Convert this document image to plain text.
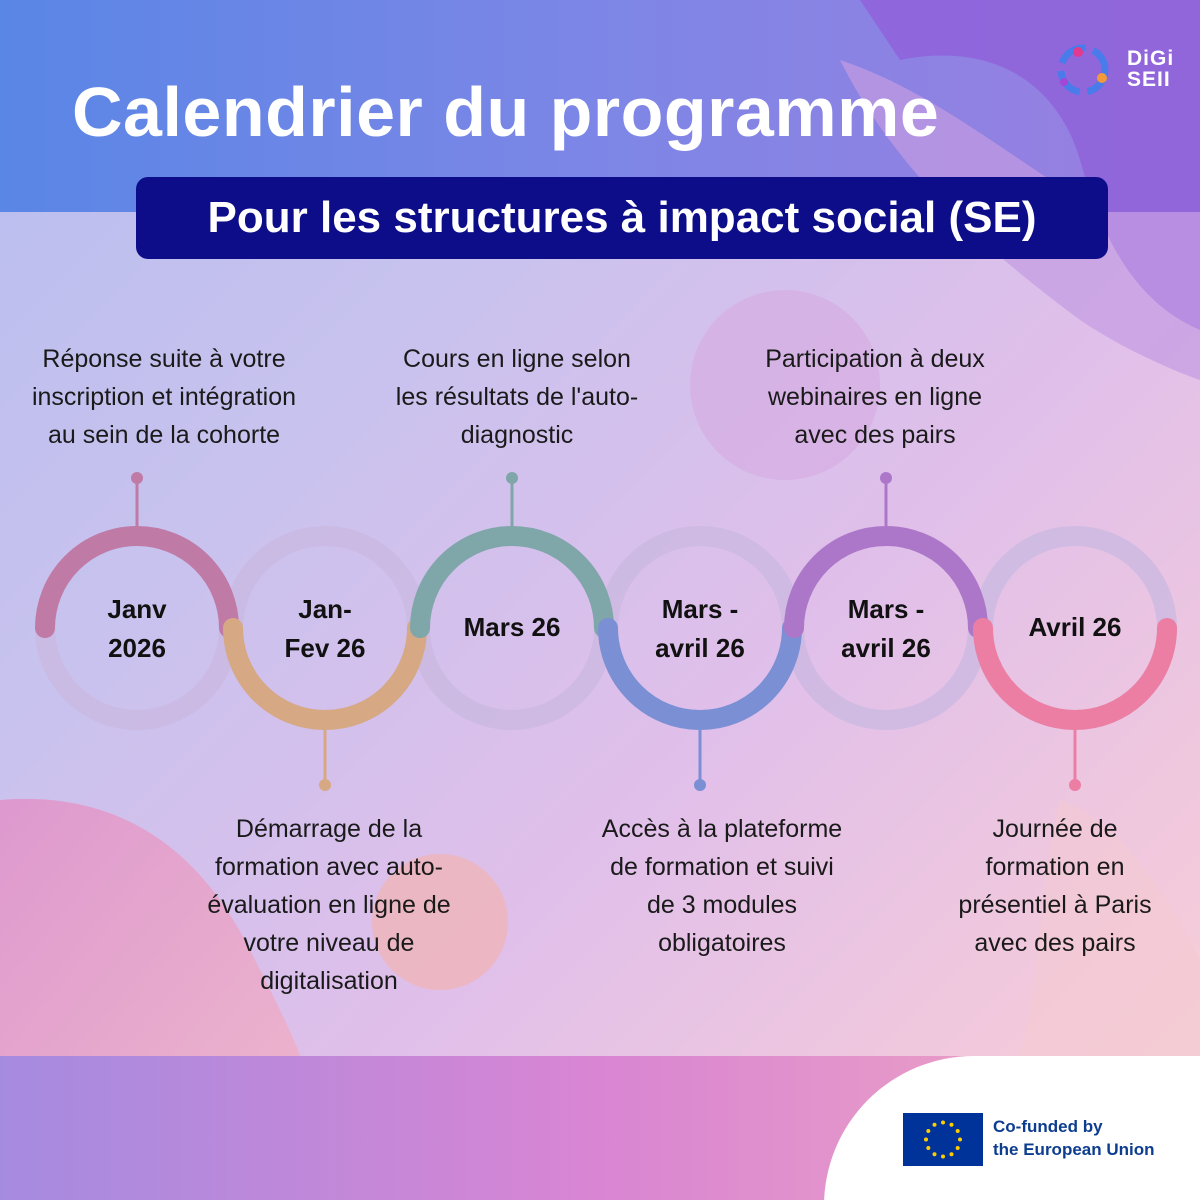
Calendrier du programme
Pour les structures à impact social (SE)
DiGi
SEII
Janv
2026
Réponse suite à votre
inscription et intégration
au sein de la cohorte
Jan-
Fev 26
Démarrage de la
formation avec auto-
évaluation en ligne de
votre niveau de
digitalisation
Mars 26
Cours en ligne selon
les résultats de l'auto-
diagnostic
Mars -
avril 26
Accès à la plateforme
de formation et suivi
de 3 modules
obligatoires
Mars -
avril 26
Participation à deux
webinaires en ligne
avec des pairs
Avril 26
Journée de
formation en
présentiel à Paris
avec des pairs
Co-funded by
the European Union
